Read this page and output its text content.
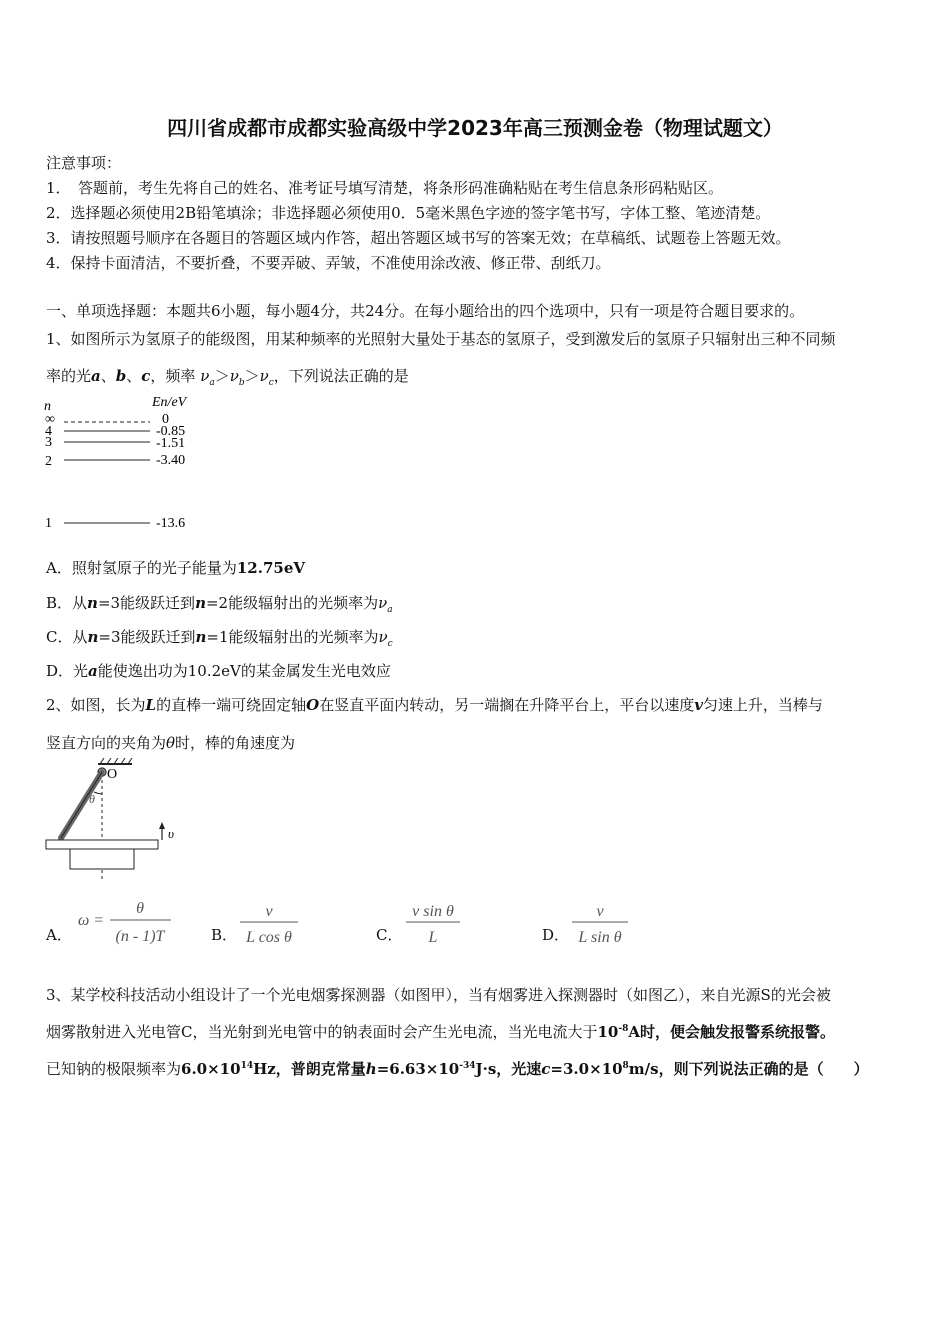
四川省成都市成都实验高级中学2023年高三预测金卷（物理试题文）
注意事项：
1．　答题前，考生先将自己的姓名、准考证号填写清楚，将条形码准确粘贴在考生信息条形码粘贴区。
2．选择题必须使用2B铅笔填涂；非选择题必须使用0．5毫米黑色字迹的签字笔书写，字体工整、笔迹清楚。
3．请按照题号顺序在各题目的答题区域内作答，超出答题区域书写的答案无效；在草稿纸、试题卷上答题无效。
4．保持卡面清洁，不要折叠，不要弄破、弄皱，不准使用涂改液、修正带、刮纸刀。
一、单项选择题：本题共6小题，每小题4分，共24分。在每小题给出的四个选项中，只有一项是符合题目要求的。
1、如图所示为氢原子的能级图，用某种频率的光照射大量处于基态的氢原子，受到激发后的氢原子只辐射出三种不同频
率的光a、b、c，频率 $\nu_a>\nu_b>\nu_c$，下列说法正确的是
n	En/eV
∞	0
4	-0.85
3	-1.51
2	-3.40
1	-13.6
A．照射氢原子的光子能量为12.75eV
B．从n=3能级跃迁到n=2能级辐射出的光频率为$\nu_a$
C．从n=3能级跃迁到n=1能级辐射出的光频率为$\nu_c$
D．光a能使逸出功为10.2eV的某金属发生光电效应
2、如图，长为L的直棒一端可绕固定轴O在竖直平面内转动，另一端搁在升降平台上，平台以速度v匀速上升，当棒与
竖直方向的夹角为θ时，棒的角速度为
O
θ
υ
A．
ω =
θ
(n - 1)T	B．
v
L cos θ	C．
v sin θ
L	D．
v
L sin θ
3、某学校科技活动小组设计了一个光电烟雾探测器（如图甲），当有烟雾进入探测器时（如图乙），来自光源S的光会被
烟雾散射进入光电管C，当光射到光电管中的钠表面时会产生光电流，当光电流大于$10^{-8}A$时，便会触发报警系统报警。
已知钠的极限频率为$6.0\times 10^{14}Hz$，普朗克常量$h=6.63\times 10^{-34}J\cdot s$，光速$c=3.0\times 10^8m/s$，则下列说法正确的是（　　）
